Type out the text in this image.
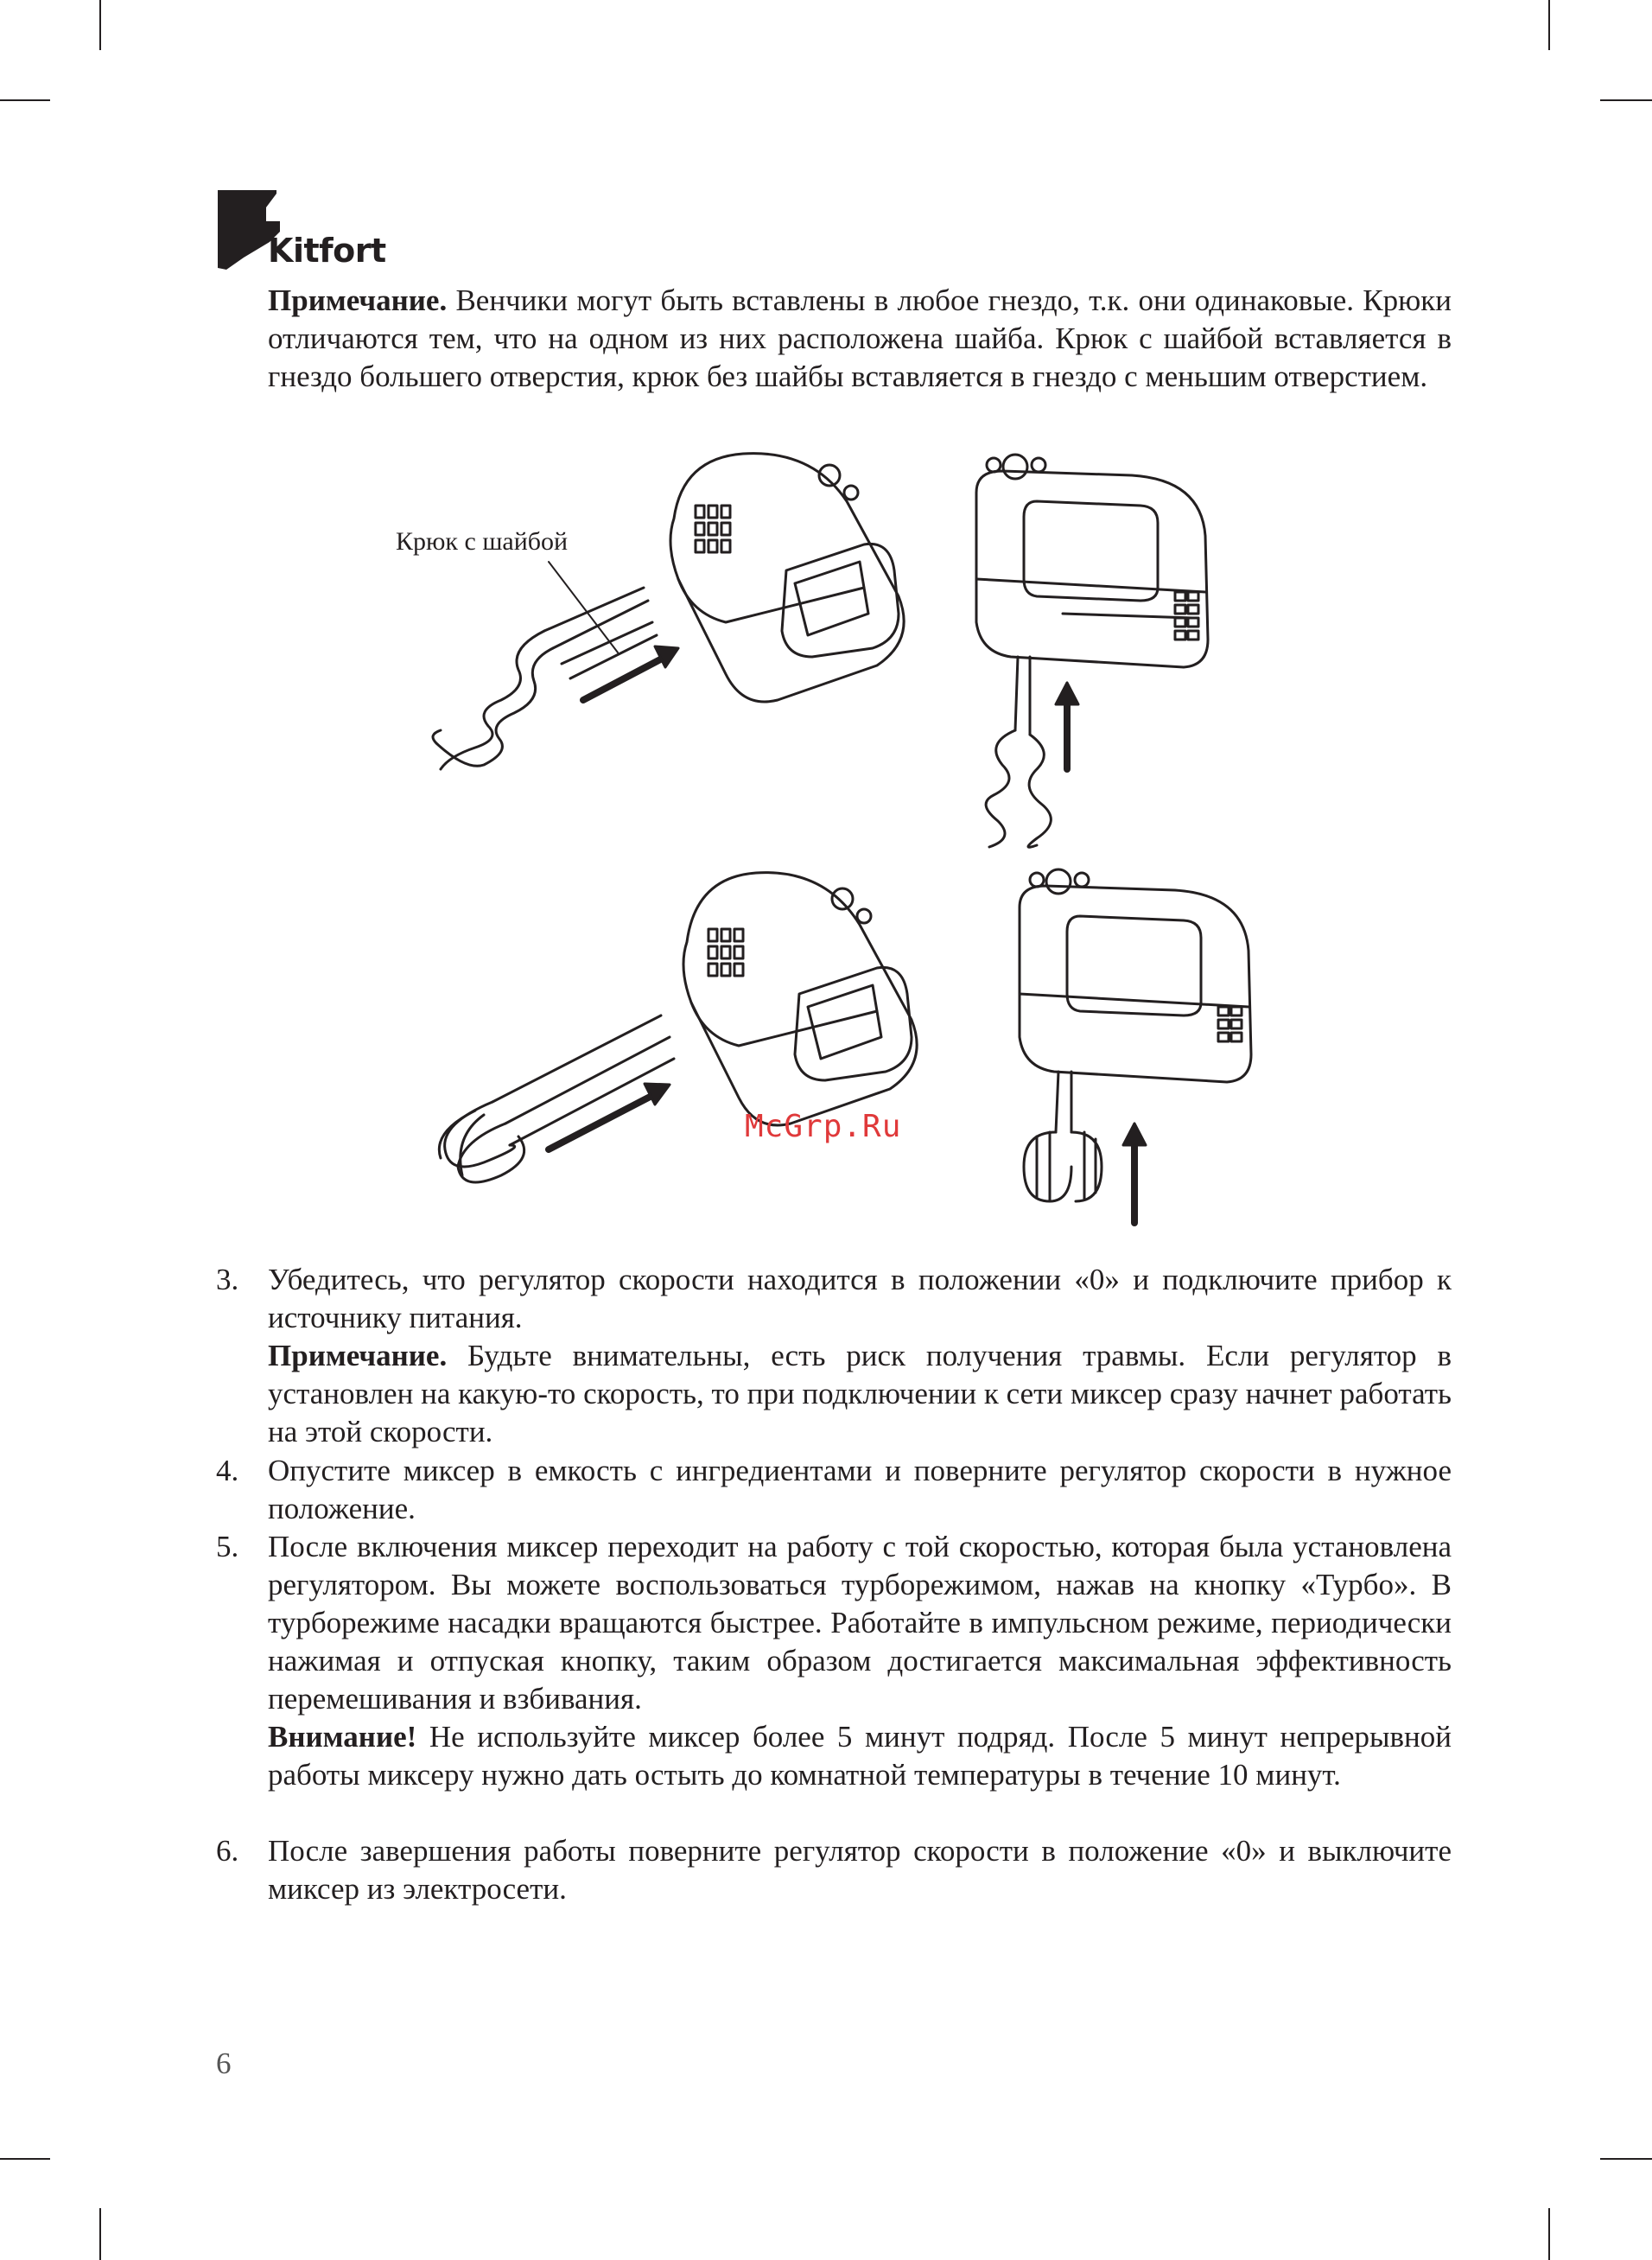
Kitfort
Примечание. Венчики могут быть вставлены в любое гнездо, т.к. они одинаковые. Крюки отличаются тем, что на одном из них расположена шайба. Крюк с шайбой вставляется в гнездо большего отверстия, крюк без шайбы вставляется в гнездо с меньшим отверстием.
Крюк с шайбой
McGrp.Ru
3. Убедитесь, что регулятор скорости находится в положении «0» и подключите прибор к источнику питания.
Примечание. Будьте внимательны, есть риск получения травмы. Если регулятор в установлен на какую-то скорость, то при подключении к сети миксер сразу начнет работать на этой скорости.
4. Опустите миксер в емкость с ингредиентами и поверните регулятор скорости в нужное положение.
5. После включения миксер переходит на работу с той скоростью, которая была установлена регулятором. Вы можете воспользоваться турборежимом, нажав на кнопку «Турбо». В турборежиме насадки вращаются быстрее. Работайте в импульсном режиме, периодически нажимая и отпуская кнопку, таким образом достигается максимальная эффективность перемешивания и взбивания.
Внимание! Не используйте миксер более 5 минут подряд. После 5 минут непрерывной работы миксеру нужно дать остыть до комнатной температуры в течение 10 минут.
6. После завершения работы поверните регулятор скорости в положение «0» и выключите миксер из электросети.
6
